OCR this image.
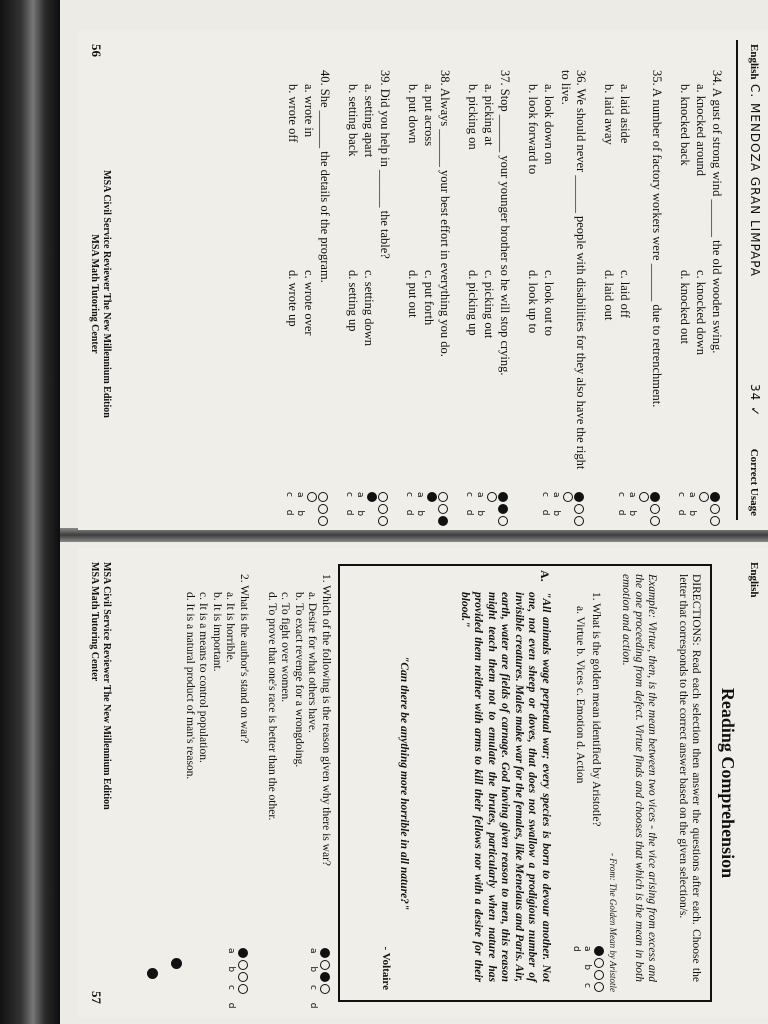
English
C. MENDOZA GRAN LIMPAPA
34 ✓
Correct Usage
34. A gust of strong wind ______ the old wooden swing.
a. knocked around
c. knocked down
b. knocked back
d. knocked out
a b c d
35. A number of factory workers were ______ due to retrenchment.
a. laid aside
c. laid off
b. laid away
d. laid out
a b c d
36. We should never ______ people with disabilities for they also have the right to live.
a. look down on
c. look out to
b. look forward to
d. look up to
a b c d
37. Stop ______ your younger brother so he will stop crying.
a. picking at
c. picking out
b. picking on
d. picking up
a b c d
38. Always ______ your best effort in everything you do.
a. put across
c. put forth
b. put down
d. put out
a b c d
39. Did you help in ______ the table?
a. setting apart
c. setting down
b. setting back
d. setting up
a b c d
40. She ______ the details of the program.
a. wrote in
c. wrote over
b. wrote off
d. wrote up
a b c d
56
MSA Civil Service Reviewer The New Millennium Edition
MSA Math Tutoring Center
English
Reading Comprehension
DIRECTIONS: Read each selection then answer the questions after each. Choose the letter that corresponds to the correct answer based on the given selection/s.
Example: Virtue, then, is the mean between two vices - the vice arising from excess and the one proceeding from defect. Virtue finds and chooses that which is the mean in both emotion and action.
- From: The Golden Mean by Aristotle
1. What is the golden mean identified by Aristotle?
a. Virtue b. Vices c. Emotion d. Action
a b c d
A.
"All animals wage perpetual war; every species is born to devour another. Not one, not even sheep or doves, that does not swallow a prodigious number of invisible creatures. Males make war for the females, like Menelaus and Paris. Air, earth, water are fields of carnage. God having given reason to men, this reason might teach them not to emulate the brutes, particularly when nature has provided them neither with arms to kill their fellows nor with a desire for their blood."
"Can there be anything more horrible in all nature?"
- Voltaire
1. Which of the following is the reason given why there is war?
a. Desire for what others have.
b. To exact revenge for a wrongdoing.
c. To fight over women.
d. To prove that one's race is better than the other.
a b c d
2. What is the author's stand on war?
a. It is horrible.
b. It is important.
c. It is a means to control population.
d. It is a natural product of man's reason.
a b c d
MSA Civil Service Reviewer The New Millennium Edition
MSA Math Tutoring Center
57
